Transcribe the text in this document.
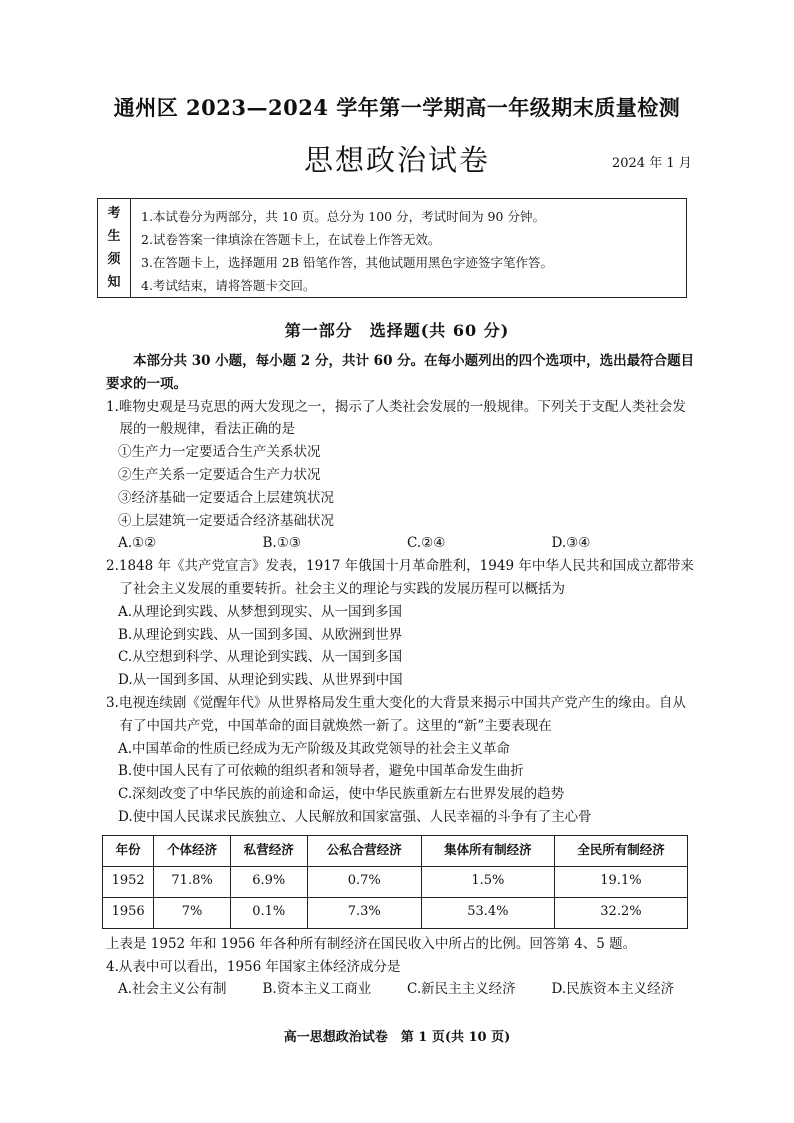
通州区 2023—2024 学年第一学期高一年级期末质量检测
思想政治试卷	2024 年 1 月
考
生
须
知
1.本试卷分为两部分，共 10 页。总分为 100 分，考试时间为 90 分钟。
2.试卷答案一律填涂在答题卡上，在试卷上作答无效。
3.在答题卡上，选择题用 2B 铅笔作答，其他试题用黑色字迹签字笔作答。
4.考试结束，请将答题卡交回。
第一部分　选择题(共 60 分)
本部分共 30 小题，每小题 2 分，共计 60 分。在每小题列出的四个选项中，选出最符合题目要求的一项。
1.唯物史观是马克思的两大发现之一，揭示了人类社会发展的一般规律。下列关于支配人类社会发展的一般规律，看法正确的是
①生产力一定要适合生产关系状况
②生产关系一定要适合生产力状况
③经济基础一定要适合上层建筑状况
④上层建筑一定要适合经济基础状况
A.①②	B.①③	C.②④	D.③④
2.1848 年《共产党宣言》发表，1917 年俄国十月革命胜利，1949 年中华人民共和国成立都带来了社会主义发展的重要转折。社会主义的理论与实践的发展历程可以概括为
A.从理论到实践、从梦想到现实、从一国到多国
B.从理论到实践、从一国到多国、从欧洲到世界
C.从空想到科学、从理论到实践、从一国到多国
D.从一国到多国、从理论到实践、从世界到中国
3.电视连续剧《觉醒年代》从世界格局发生重大变化的大背景来揭示中国共产党产生的缘由。自从有了中国共产党，中国革命的面目就焕然一新了。这里的“新”主要表现在
A.中国革命的性质已经成为无产阶级及其政党领导的社会主义革命
B.使中国人民有了可依赖的组织者和领导者，避免中国革命发生曲折
C.深刻改变了中华民族的前途和命运，使中华民族重新左右世界发展的趋势
D.使中国人民谋求民族独立、人民解放和国家富强、人民幸福的斗争有了主心骨
年份	个体经济	私营经济	公私合营经济	集体所有制经济	全民所有制经济
1952	71.8%	6.9%	0.7%	1.5%	19.1%
1956	7%	0.1%	7.3%	53.4%	32.2%
上表是 1952 年和 1956 年各种所有制经济在国民收入中所占的比例。回答第 4、5 题。
4.从表中可以看出，1956 年国家主体经济成分是
A.社会主义公有制	B.资本主义工商业	C.新民主主义经济	D.民族资本主义经济
高一思想政治试卷　第 1 页(共 10 页)
